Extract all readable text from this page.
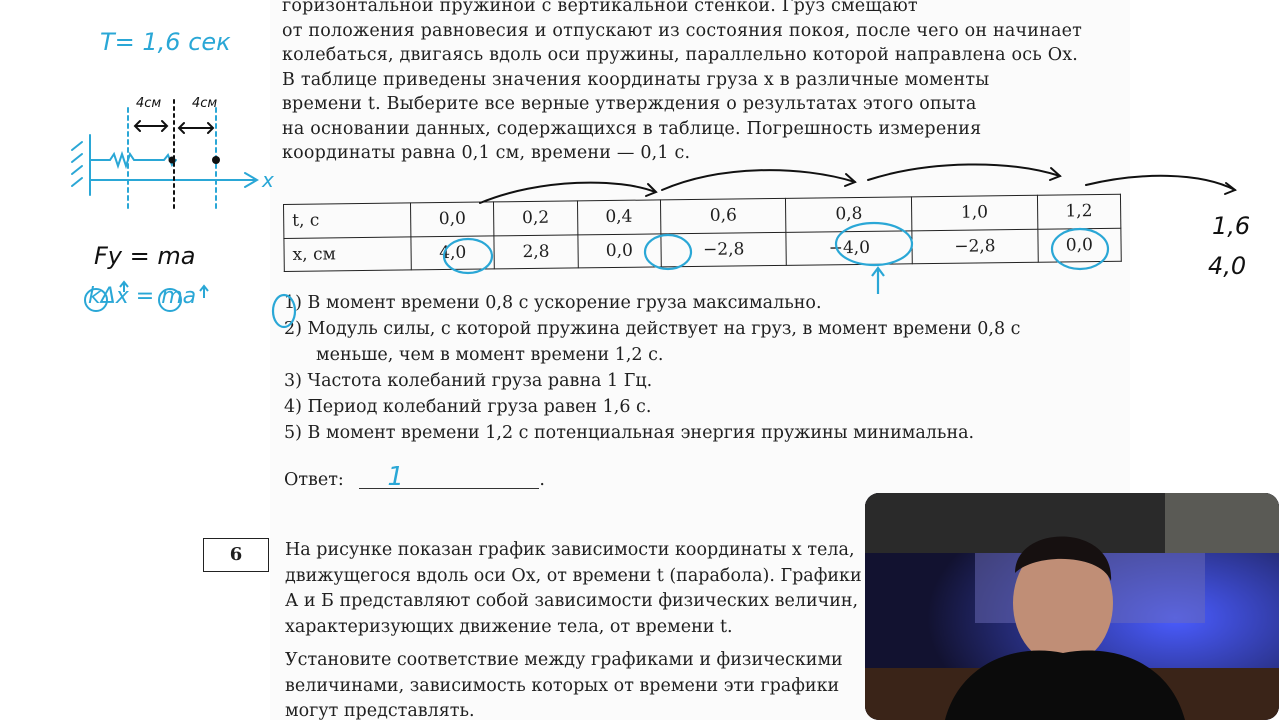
горизонтальной пружиной с вертикальной стенкой. Груз смещают
от положения равновесия и отпускают из состояния покоя, после чего он начинает
колебаться, двигаясь вдоль оси пружины, параллельно которой направлена ось Ox.
В таблице приведены значения координаты груза x в различные моменты
времени t. Выберите все верные утверждения о результатах этого опыта
на основании данных, содержащихся в таблице. Погрешность измерения
координаты равна 0,1 см, времени — 0,1 с.
t, с	0,0	0,2	0,4	0,6	0,8	1,0	1,2
x, см	4,0	2,8	0,0	−2,8	−4,0	−2,8	0,0
1) В момент времени 0,8 с ускорение груза максимально.
2) Модуль силы, с которой пружина действует на груз, в момент времени 0,8 с
меньше, чем в момент времени 1,2 с.
3) Частота колебаний груза равна 1 Гц.
4) Период колебаний груза равен 1,6 с.
5) В момент времени 1,2 с потенциальная энергия пружины минимальна.
Ответ: 1	.
6	На рисунке показан график зависимости координаты x тела,
движущегося вдоль оси Ox, от времени t (парабола). Графики
А и Б представляют собой зависимости физических величин,
характеризующих движение тела, от времени t.
Установите соответствие между графиками и физическими
величинами, зависимость которых от времени эти графики
могут представлять.
T= 1,6 сек
4см 4см
x
Fy = ma
kΔx = ma
1,6
4,0
